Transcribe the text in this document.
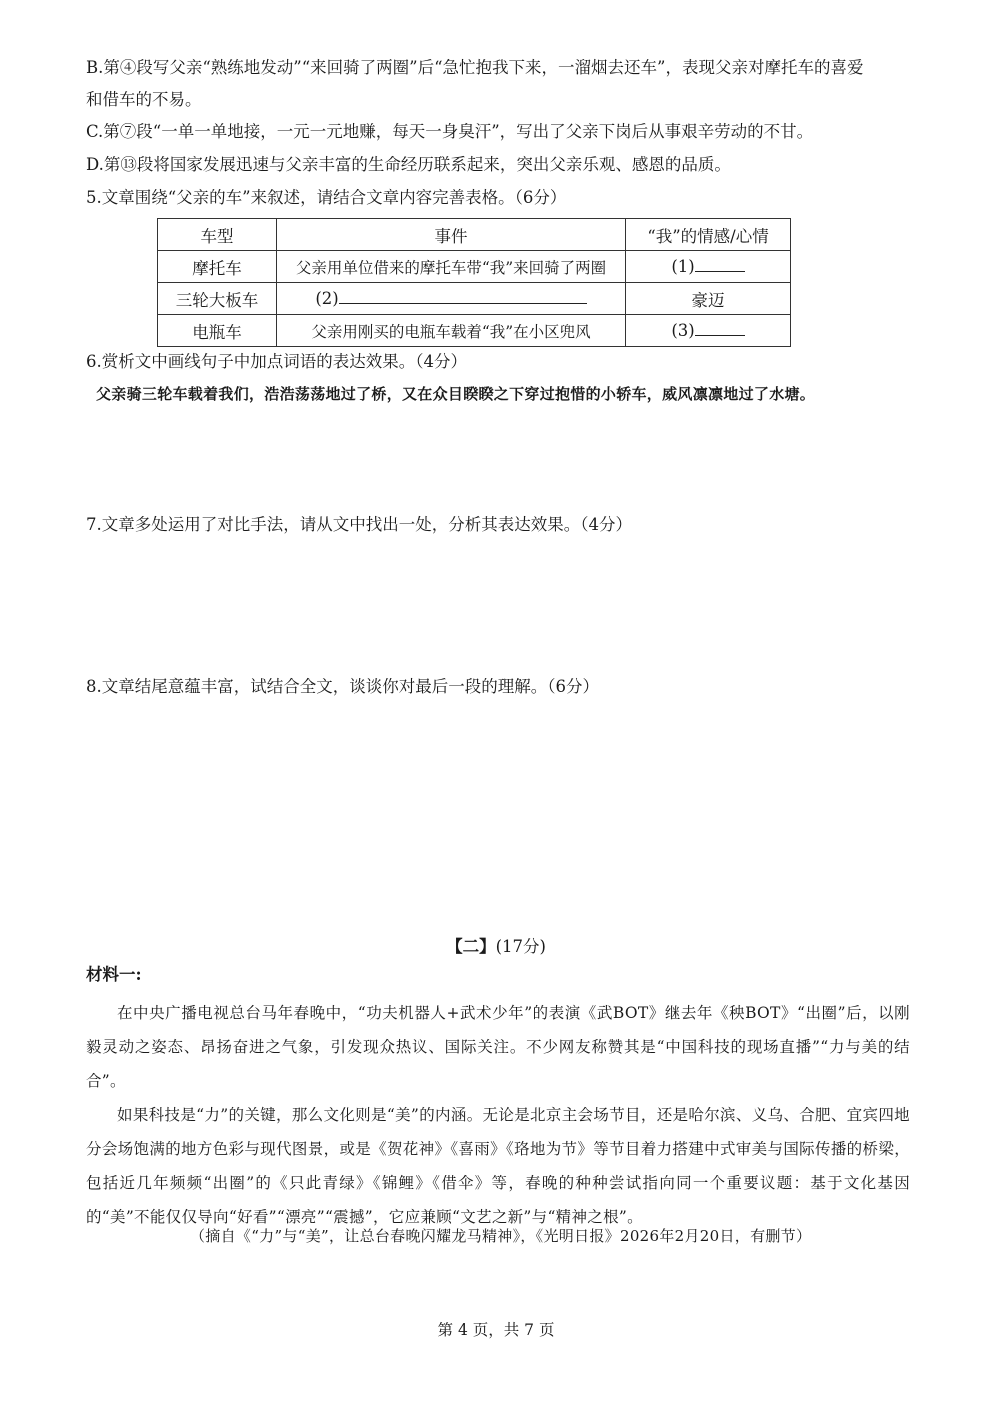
B.第④段写父亲“熟练地发动”“来回骑了两圈”后“急忙抱我下来，一溜烟去还车”，表现父亲对摩托车的喜爱
和借车的不易。
C.第⑦段“一单一单地接，一元一元地赚，每天一身臭汗”，写出了父亲下岗后从事艰辛劳动的不甘。
D.第⑬段将国家发展迅速与父亲丰富的生命经历联系起来，突出父亲乐观、感恩的品质。
5.文章围绕“父亲的车”来叙述，请结合文章内容完善表格。（6分）
车型	事件	“我”的情感/心情
摩托车	父亲用单位借来的摩托车带“我”来回骑了两圈	(1)
三轮大板车	(2)	豪迈
电瓶车	父亲用刚买的电瓶车载着“我”在小区兜风	(3)
6.赏析文中画线句子中加点词语的表达效果。（4分）
父亲骑三轮车载着我们，浩浩荡荡地过了桥，又在众目睽睽之下穿过抱惜的小轿车，威风凛凛地过了水塘。
7.文章多处运用了对比手法，请从文中找出一处，分析其表达效果。（4分）
8.文章结尾意蕴丰富，试结合全文，谈谈你对最后一段的理解。（6分）
【二】(17分)
材料一:
在中央广播电视总台马年春晚中，“功夫机器人+武术少年”的表演《武BOT》继去年《秧BOT》“出圈”后，以刚毅灵动之姿态、昂扬奋进之气象，引发现众热议、国际关注。不少网友称赞其是“中国科技的现场直播”“力与美的结合”。
如果科技是“力”的关键，那么文化则是“美”的内涵。无论是北京主会场节目，还是哈尔滨、义乌、合肥、宜宾四地分会场饱满的地方色彩与现代图景，或是《贺花神》《喜雨》《珞地为节》等节目着力搭建中式审美与国际传播的桥梁，包括近几年频频“出圈”的《只此青绿》《锦鲤》《借伞》等，春晚的种种尝试指向同一个重要议题：基于文化基因的“美”不能仅仅导向“好看”“漂亮”“震撼”，它应兼顾“文艺之新”与“精神之根”。
（摘自《“力”与“美”，让总台春晚闪耀龙马精神》，《光明日报》2026年2月20日，有删节）
第 4 页，共 7 页
